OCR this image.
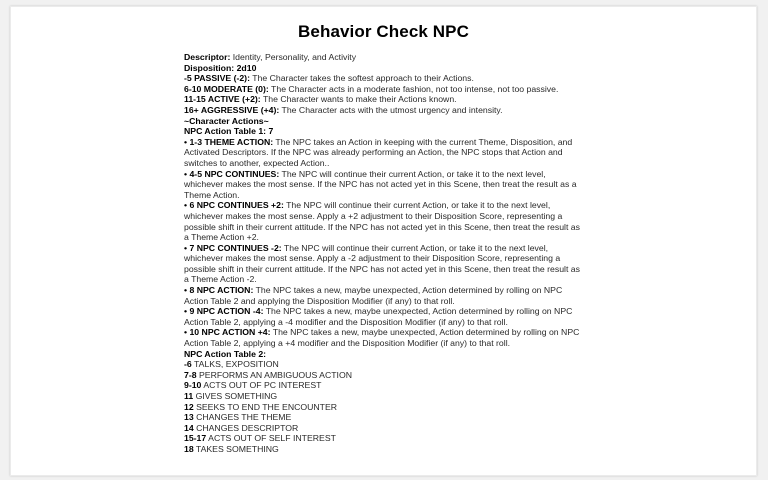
Behavior Check NPC

Descriptor: Identity, Personality, and Activity

Disposition: 2d10

-5 PASSIVE (-2): The Character takes the softest approach to their Actions.

6-10 MODERATE (0): The Character acts in a moderate fashion, not too intense, not too passive.

11-15 ACTIVE (+2): The Character wants to make their Actions known.

16+ AGGRESSIVE (+4): The Character acts with the utmost urgency and intensity.

~Character Actions~

NPC Action Table 1: 7

• 1-3 THEME ACTION: The NPC takes an Action in keeping with the current Theme, Disposition, and Activated Descriptors. If the NPC was already performing an Action, the NPC stops that Action and switches to another, expected Action..

• 4-5 NPC CONTINUES: The NPC will continue their current Action, or take it to the next level, whichever makes the most sense. If the NPC has not acted yet in this Scene, then treat the result as a Theme Action.

• 6 NPC CONTINUES +2: The NPC will continue their current Action, or take it to the next level, whichever makes the most sense. Apply a +2 adjustment to their Disposition Score, representing a possible shift in their current attitude. If the NPC has not acted yet in this Scene, then treat the result as a Theme Action +2.

• 7 NPC CONTINUES -2: The NPC will continue their current Action, or take it to the next level, whichever makes the most sense. Apply a -2 adjustment to their Disposition Score, representing a possible shift in their current attitude. If the NPC has not acted yet in this Scene, then treat the result as a Theme Action -2.

• 8 NPC ACTION: The NPC takes a new, maybe unexpected, Action determined by rolling on NPC Action Table 2 and applying the Disposition Modifier (if any) to that roll.

• 9 NPC ACTION -4: The NPC takes a new, maybe unexpected, Action determined by rolling on NPC Action Table 2, applying a -4 modifier and the Disposition Modifier (if any) to that roll.

• 10 NPC ACTION +4: The NPC takes a new, maybe unexpected, Action determined by rolling on NPC Action Table 2, applying a +4 modifier and the Disposition Modifier (if any) to that roll.

NPC Action Table 2:

-6 TALKS, EXPOSITION

7-8 PERFORMS AN AMBIGUOUS ACTION

9-10 ACTS OUT OF PC INTEREST

11 GIVES SOMETHING

12 SEEKS TO END THE ENCOUNTER

13 CHANGES THE THEME

14 CHANGES DESCRIPTOR

15-17 ACTS OUT OF SELF INTEREST

18 TAKES SOMETHING
